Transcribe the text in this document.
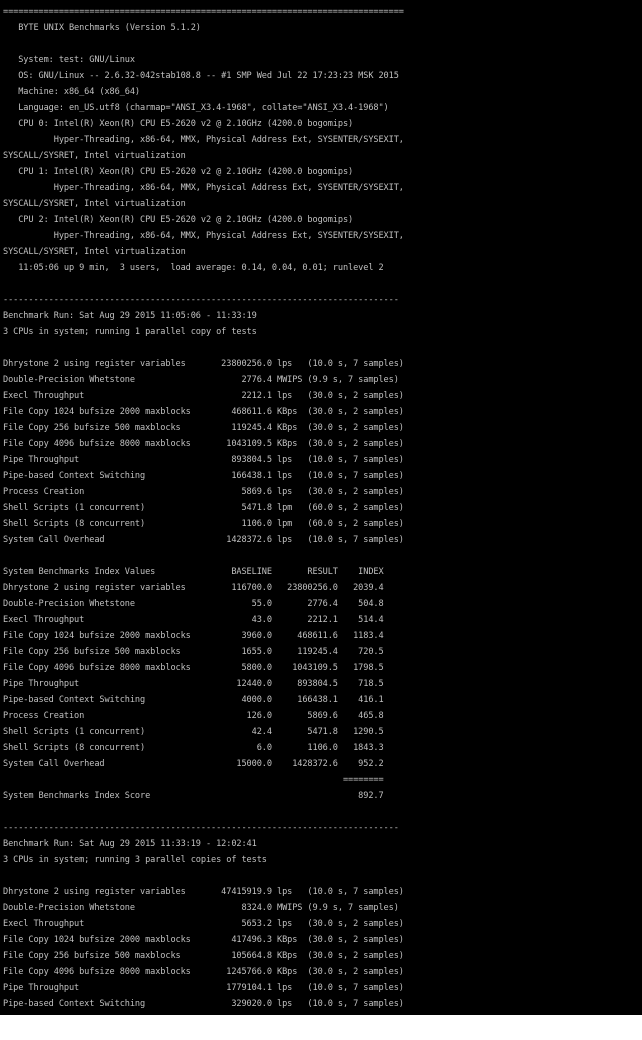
===============================================================================
BYTE UNIX Benchmarks (Version 5.1.2)
System: test: GNU/Linux
OS: GNU/Linux -- 2.6.32-042stab108.8 -- #1 SMP Wed Jul 22 17:23:23 MSK 2015
Machine: x86_64 (x86_64)
Language: en_US.utf8 (charmap="ANSI_X3.4-1968", collate="ANSI_X3.4-1968")
CPU 0: Intel(R) Xeon(R) CPU E5-2620 v2 @ 2.10GHz (4200.0 bogomips)
Hyper-Threading, x86-64, MMX, Physical Address Ext, SYSENTER/SYSEXIT,
SYSCALL/SYSRET, Intel virtualization
CPU 1: Intel(R) Xeon(R) CPU E5-2620 v2 @ 2.10GHz (4200.0 bogomips)
Hyper-Threading, x86-64, MMX, Physical Address Ext, SYSENTER/SYSEXIT,
SYSCALL/SYSRET, Intel virtualization
CPU 2: Intel(R) Xeon(R) CPU E5-2620 v2 @ 2.10GHz (4200.0 bogomips)
Hyper-Threading, x86-64, MMX, Physical Address Ext, SYSENTER/SYSEXIT,
SYSCALL/SYSRET, Intel virtualization
11:05:06 up 9 min,  3 users,  load average: 0.14, 0.04, 0.01; runlevel 2
------------------------------------------------------------------------------
Benchmark Run: Sat Aug 29 2015 11:05:06 - 11:33:19
3 CPUs in system; running 1 parallel copy of tests
Dhrystone 2 using register variables       23800256.0 lps   (10.0 s, 7 samples)
Double-Precision Whetstone                     2776.4 MWIPS (9.9 s, 7 samples)
Execl Throughput                               2212.1 lps   (30.0 s, 2 samples)
File Copy 1024 bufsize 2000 maxblocks        468611.6 KBps  (30.0 s, 2 samples)
File Copy 256 bufsize 500 maxblocks          119245.4 KBps  (30.0 s, 2 samples)
File Copy 4096 bufsize 8000 maxblocks       1043109.5 KBps  (30.0 s, 2 samples)
Pipe Throughput                              893804.5 lps   (10.0 s, 7 samples)
Pipe-based Context Switching                 166438.1 lps   (10.0 s, 7 samples)
Process Creation                               5869.6 lps   (30.0 s, 2 samples)
Shell Scripts (1 concurrent)                   5471.8 lpm   (60.0 s, 2 samples)
Shell Scripts (8 concurrent)                   1106.0 lpm   (60.0 s, 2 samples)
System Call Overhead                        1428372.6 lps   (10.0 s, 7 samples)
System Benchmarks Index Values               BASELINE       RESULT    INDEX
Dhrystone 2 using register variables         116700.0   23800256.0   2039.4
Double-Precision Whetstone                       55.0       2776.4    504.8
Execl Throughput                                 43.0       2212.1    514.4
File Copy 1024 bufsize 2000 maxblocks          3960.0     468611.6   1183.4
File Copy 256 bufsize 500 maxblocks            1655.0     119245.4    720.5
File Copy 4096 bufsize 8000 maxblocks          5800.0    1043109.5   1798.5
Pipe Throughput                               12440.0     893804.5    718.5
Pipe-based Context Switching                   4000.0     166438.1    416.1
Process Creation                                126.0       5869.6    465.8
Shell Scripts (1 concurrent)                     42.4       5471.8   1290.5
Shell Scripts (8 concurrent)                      6.0       1106.0   1843.3
System Call Overhead                          15000.0    1428372.6    952.2
========
System Benchmarks Index Score                                         892.7
------------------------------------------------------------------------------
Benchmark Run: Sat Aug 29 2015 11:33:19 - 12:02:41
3 CPUs in system; running 3 parallel copies of tests
Dhrystone 2 using register variables       47415919.9 lps   (10.0 s, 7 samples)
Double-Precision Whetstone                     8324.0 MWIPS (9.9 s, 7 samples)
Execl Throughput                               5653.2 lps   (30.0 s, 2 samples)
File Copy 1024 bufsize 2000 maxblocks        417496.3 KBps  (30.0 s, 2 samples)
File Copy 256 bufsize 500 maxblocks          105664.8 KBps  (30.0 s, 2 samples)
File Copy 4096 bufsize 8000 maxblocks       1245766.0 KBps  (30.0 s, 2 samples)
Pipe Throughput                             1779104.1 lps   (10.0 s, 7 samples)
Pipe-based Context Switching                 329020.0 lps   (10.0 s, 7 samples)
